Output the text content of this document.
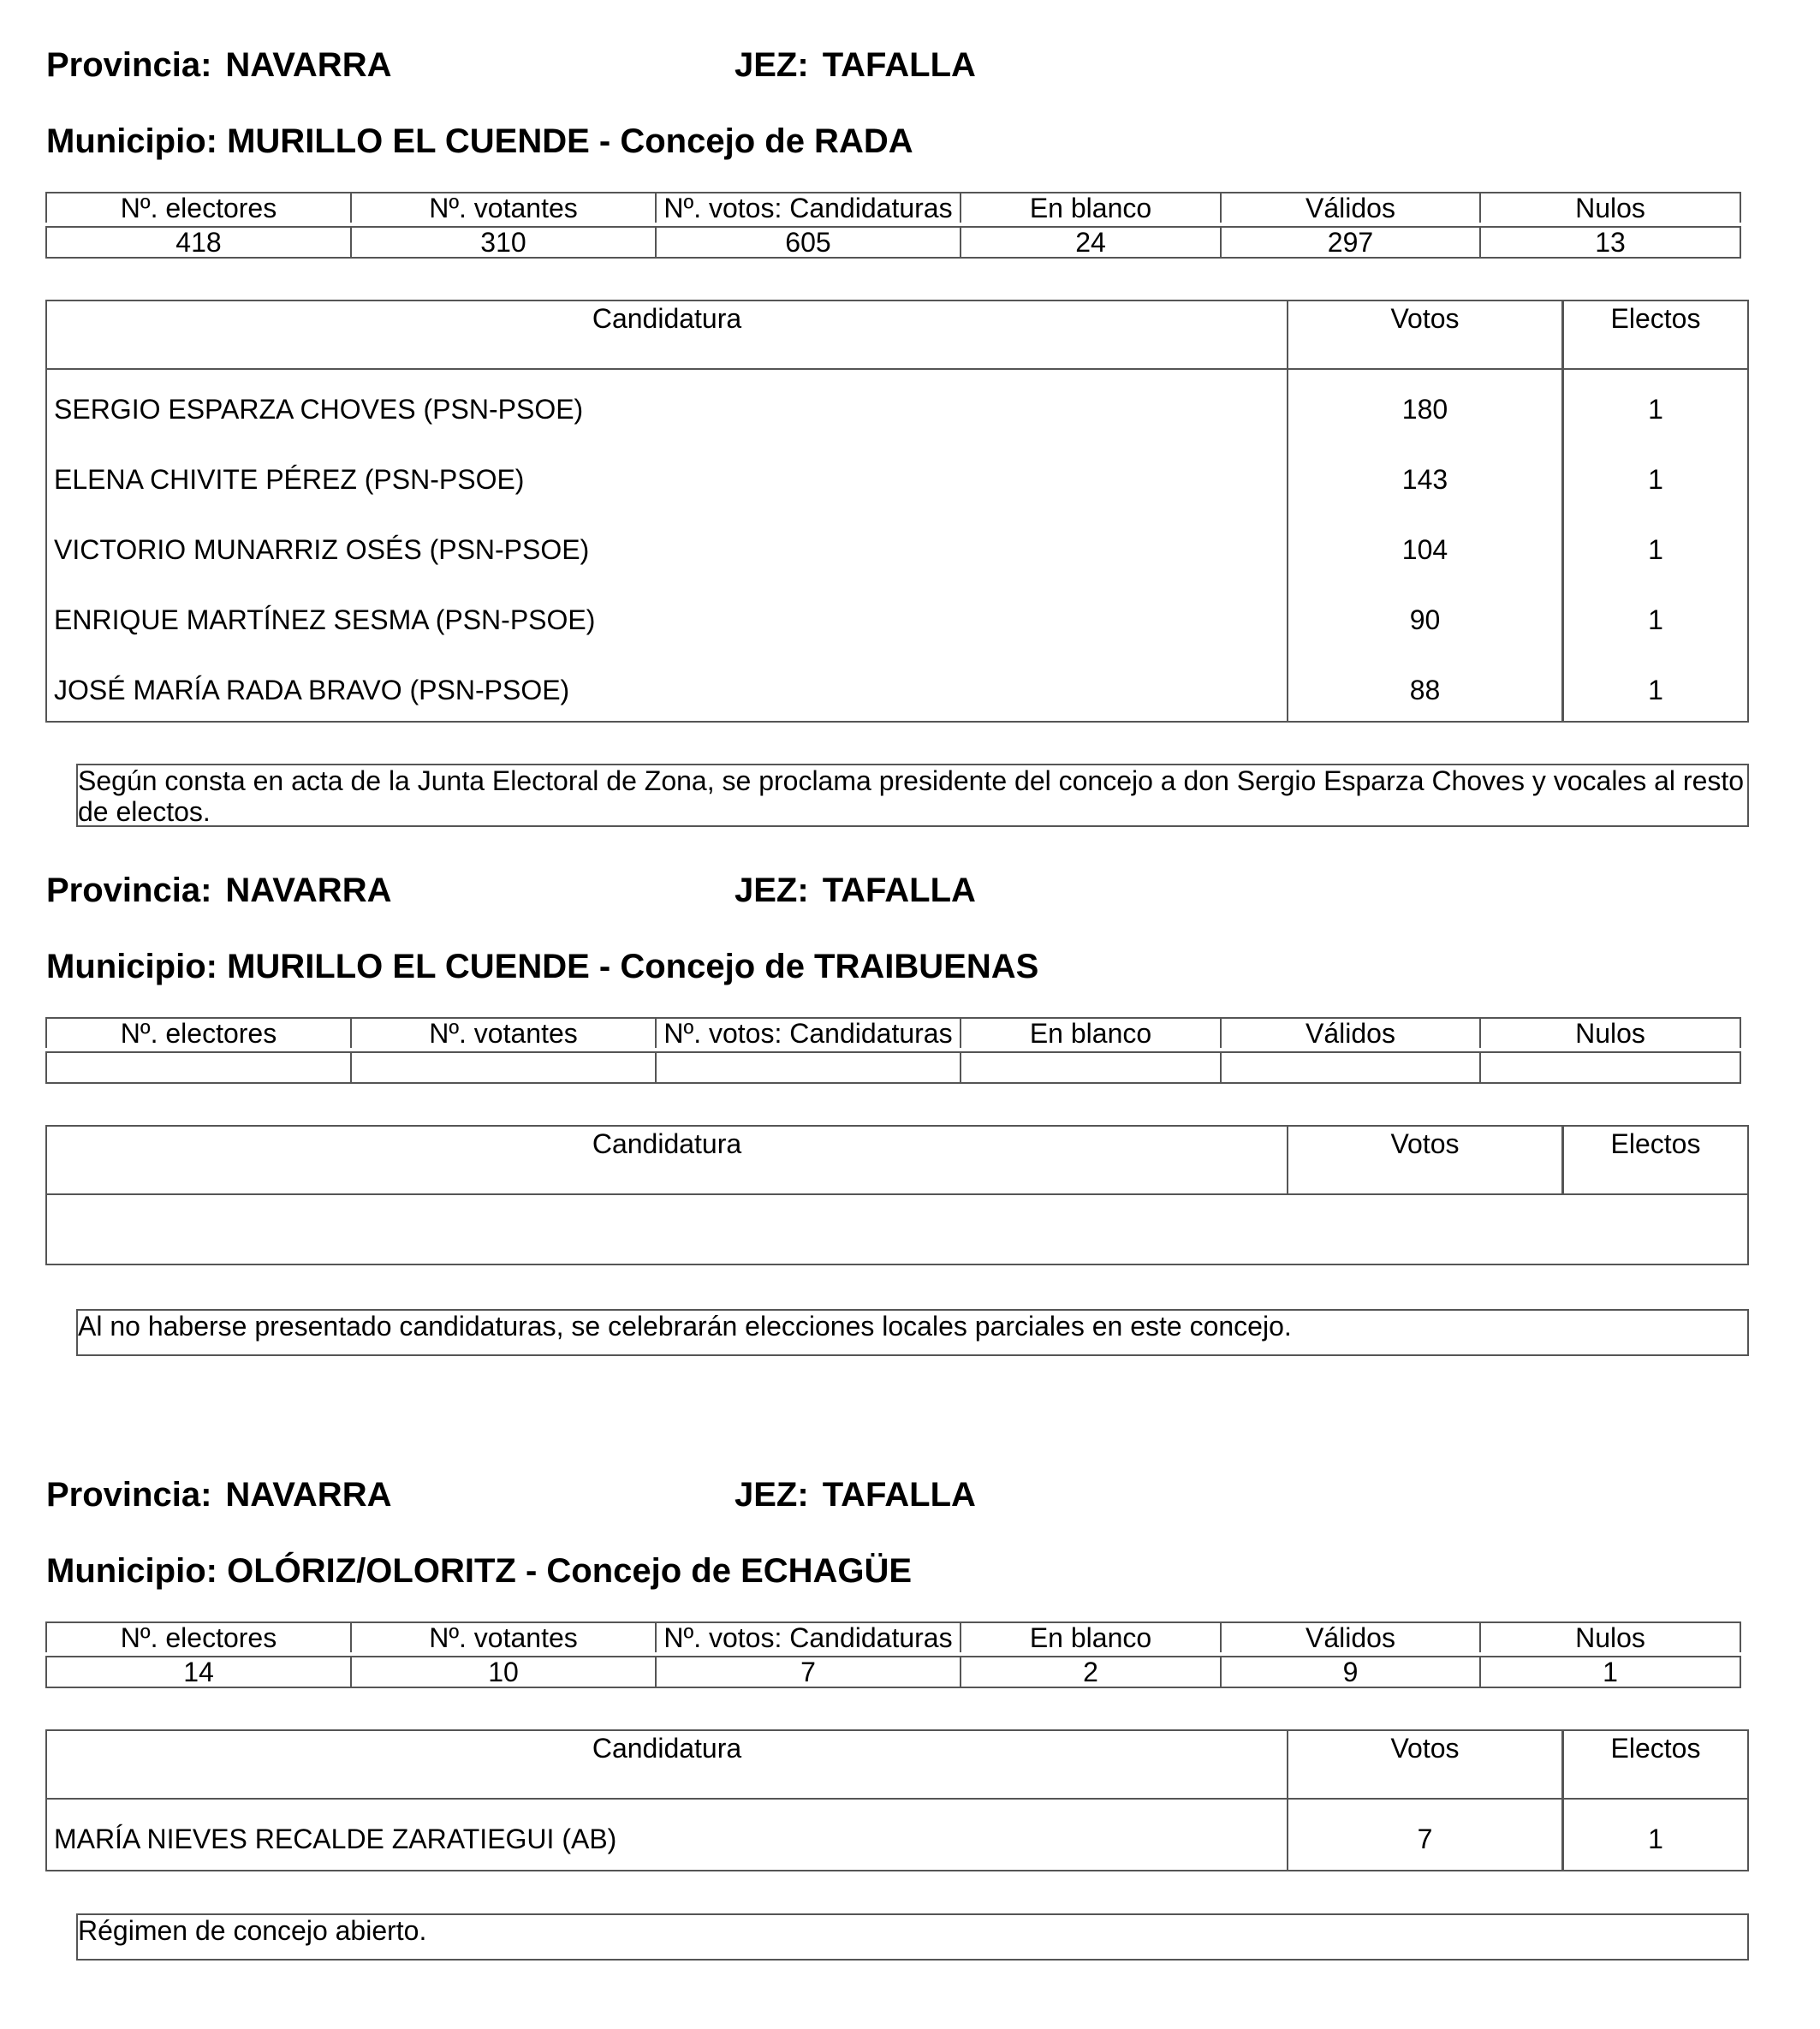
Provincia: NAVARRA	JEZ: TAFALLA
Municipio: MURILLO EL CUENDE - Concejo de RADA
Nº. electores	Nº. votantes	Nº. votos: Candidaturas	En blanco	Válidos	Nulos

418	310	605	24	297	13
Candidatura	Votos	Electos
SERGIO ESPARZA CHOVES (PSN-PSOE)	180	1
ELENA CHIVITE PÉREZ (PSN-PSOE)	143	1
VICTORIO MUNARRIZ OSÉS (PSN-PSOE)	104	1
ENRIQUE MARTÍNEZ SESMA (PSN-PSOE)	90	1
JOSÉ MARÍA RADA BRAVO (PSN-PSOE)	88	1
Según consta en acta de la Junta Electoral de Zona, se proclama presidente del concejo a don Sergio Esparza Choves y vocales al resto de electos.
Provincia: NAVARRA	JEZ: TAFALLA
Municipio: MURILLO EL CUENDE - Concejo de TRAIBUENAS
Nº. electores	Nº. votantes	Nº. votos: Candidaturas	En blanco	Válidos	Nulos

Candidatura	Votos	Electos
Al no haberse presentado candidaturas, se celebrarán elecciones locales parciales en este concejo.
Provincia: NAVARRA	JEZ: TAFALLA
Municipio: OLÓRIZ/OLORITZ - Concejo de ECHAGÜE
Nº. electores	Nº. votantes	Nº. votos: Candidaturas	En blanco	Válidos	Nulos

14	10	7	2	9	1
Candidatura	Votos	Electos
MARÍA NIEVES RECALDE ZARATIEGUI (AB)	7	1
Régimen de concejo abierto.
